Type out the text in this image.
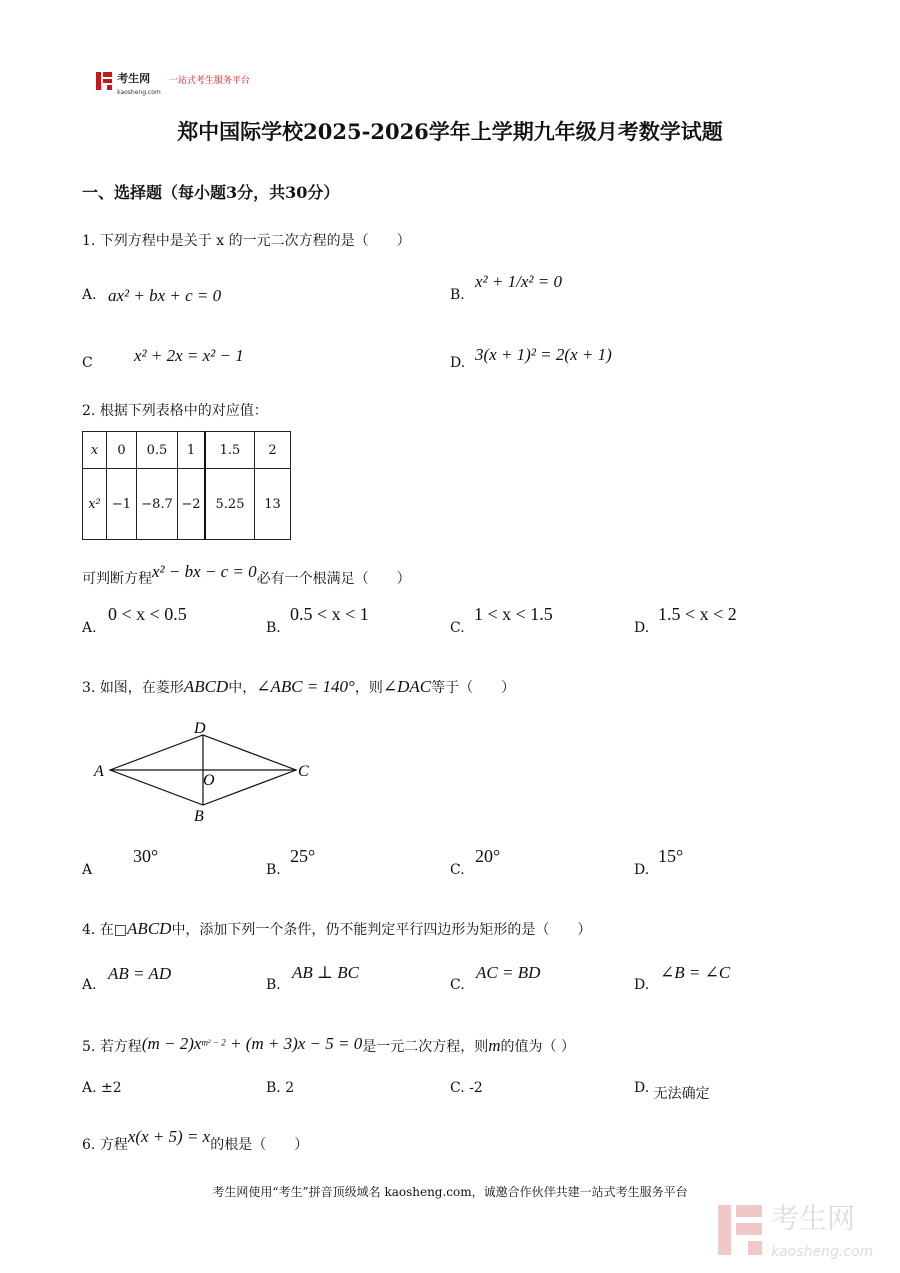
考生网
kaosheng.com $^{一站式考生服务平台}$
郑中国际学校2025-2026学年上学期九年级月考数学试题
一、选择题（每小题3分，共30分）
1. 下列方程中是关于 x 的一元二次方程的是（　　）
A. ax² + bx + c = 0	B.
x² + 1/x² = 0
C x² + 2x = x² − 1	D. 3(x + 1)² = 2(x + 1)
2. 根据下列表格中的对应值：
x	0	0.5	1	1.5	2
x²	−1	−8.7	−2	5.25	13
可判断方程x² − bx − c = 0必有一个根满足（　　）
A.
0 < x < 0.5
B.
0.5 < x < 1
C.
1 < x < 1.5
D.
1.5 < x < 2
3. 如图，在菱形ABCD中，∠ABC = 140°，则∠DAC等于（　　）
A
D
C
B
O
A
30°
B.
25°
C.
20°
D.
15°
4. 在□ABCD中，添加下列一个条件，仍不能判定平行四边形为矩形的是（　　）
A.
AB = AD
B.
AB ⊥ BC
C.
AC = BD
D.
∠B = ∠C
5. 若方程$(m - 2)x^{m^2 - 2} + (m + 3)x - 5 = 0$是一元二次方程，则m的值为（ ）
A. ±2	B. 2	C. -2	D. 无法确定
6. 方程x(x + 5) = x的根是（　　）
考生网使用“考生”拼音顶级域名 kaosheng.com，诚邀合作伙伴共建一站式考生服务平台
考生网
kaosheng.com
